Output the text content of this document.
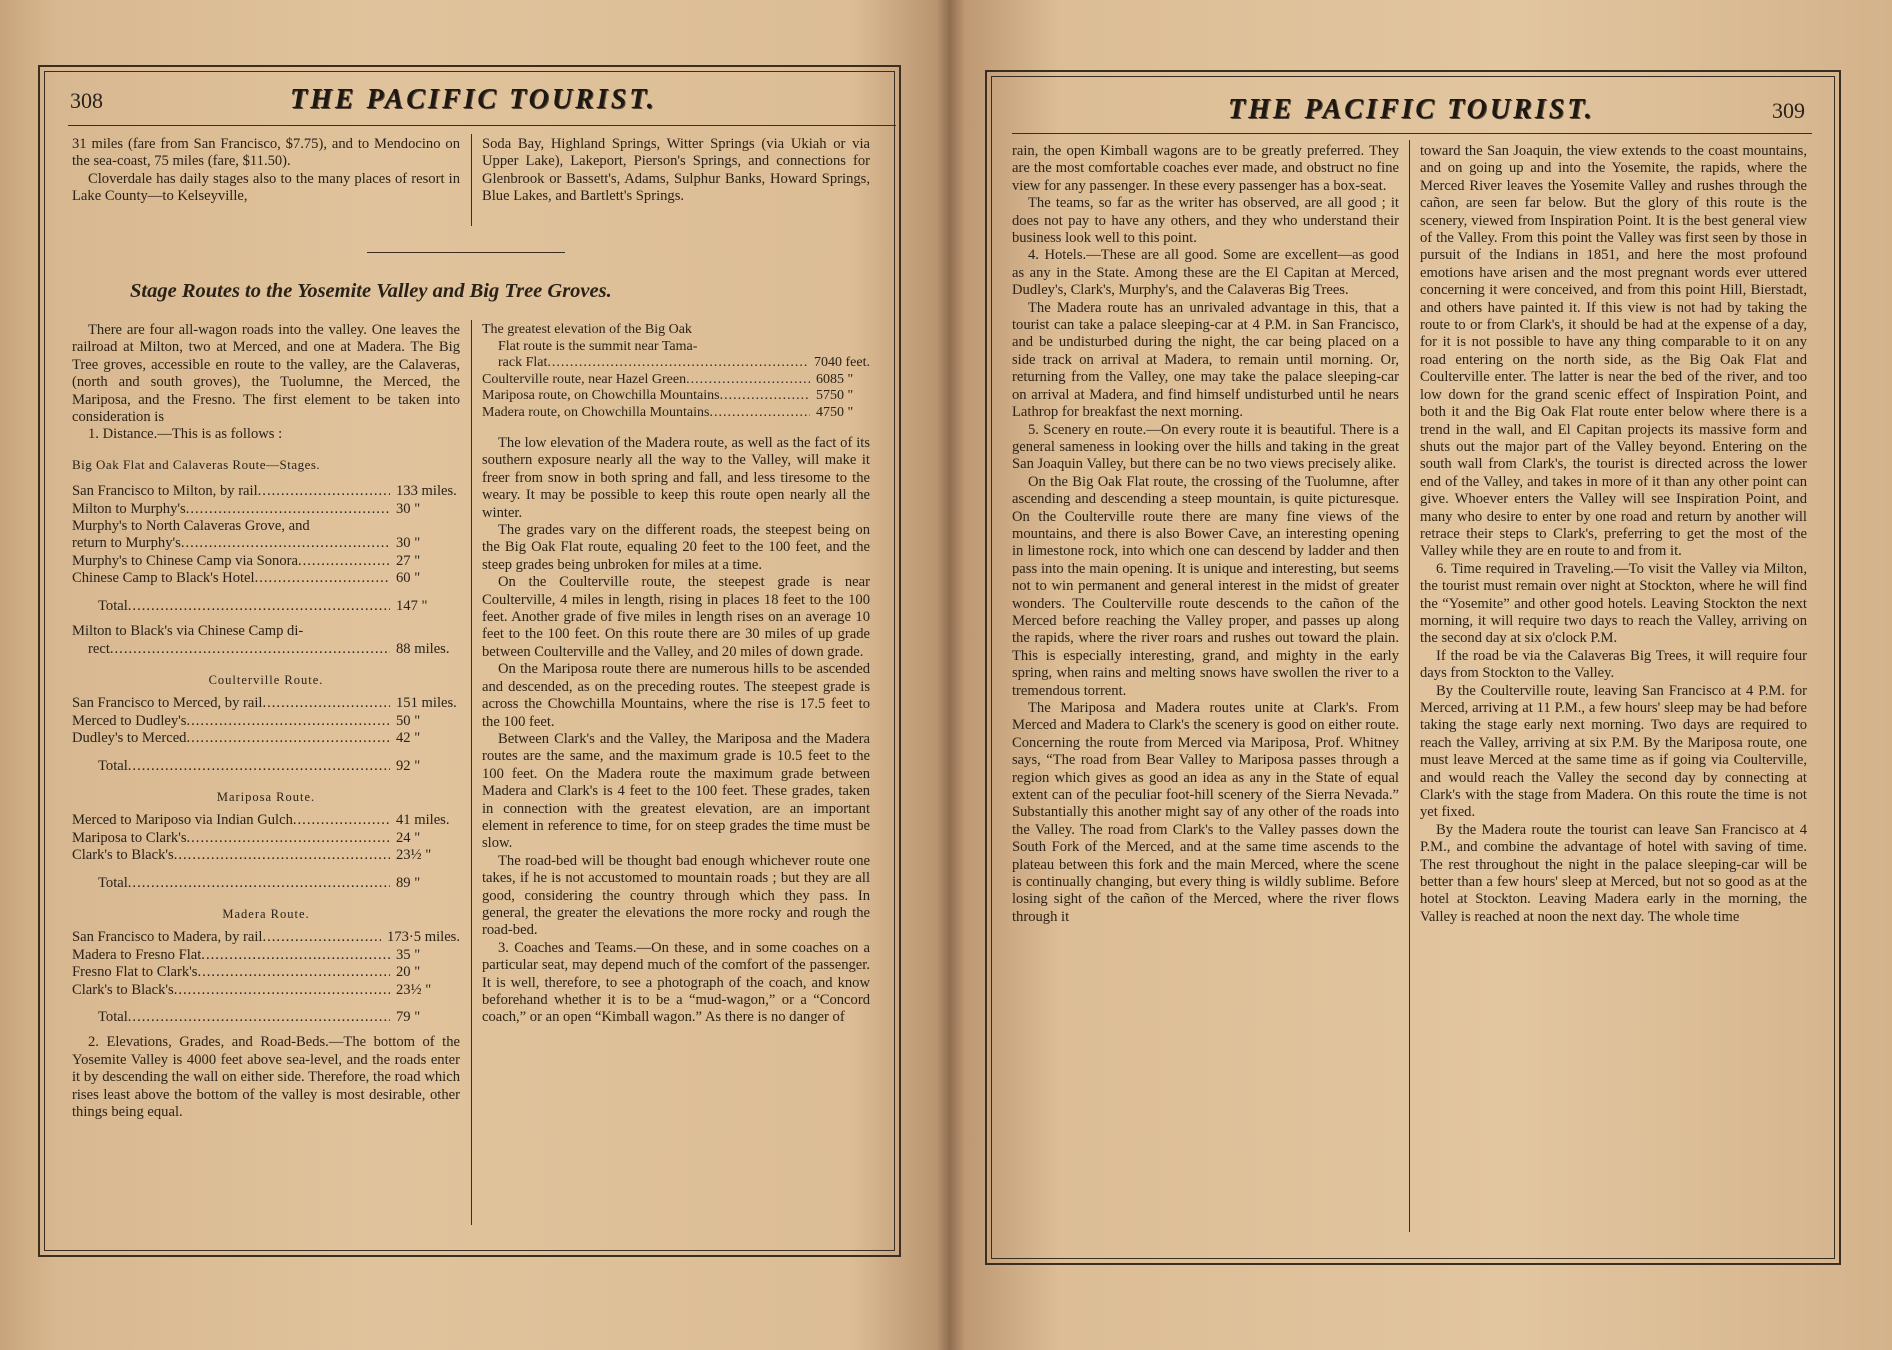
308	THE PACIFIC TOURIST.

31 miles (fare from San Francisco, $7.75), and to Mendocino on the sea-coast, 75 miles (fare, $11.50).

Cloverdale has daily stages also to the many places of resort in Lake County—to Kelseyville,

Soda Bay, Highland Springs, Witter Springs (via Ukiah or via Upper Lake), Lakeport, Pierson's Springs, and connections for Glenbrook or Bassett's, Adams, Sulphur Banks, Howard Springs, Blue Lakes, and Bartlett's Springs.

Stage Routes to the Yosemite Valley and Big Tree Groves.

There are four all-wagon roads into the valley. One leaves the railroad at Milton, two at Merced, and one at Madera. The Big Tree groves, accessible en route to the valley, are the Calaveras, (north and south groves), the Tuolumne, the Merced, the Mariposa, and the Fresno. The first element to be taken into consideration is

1. Distance.—This is as follows :

Big Oak Flat and Calaveras Route—Stages.
San Francisco to Milton, by rail .....	133 miles.
Milton to Murphy's .....	30 "
Murphy's to North Calaveras Grove, and
return to Murphy's .....	30 "
Murphy's to Chinese Camp via Sonora .....	27 "
Chinese Camp to Black's Hotel .....	60 "
Total .....	147 "

Milton to Black's via Chinese Camp di-

rect .....	88 miles.
Coulterville Route.
San Francisco to Merced, by rail .....	151 miles.
Merced to Dudley's .....	50 "
Dudley's to Merced .....	42 "
Total .....	92 "
Mariposa Route.
Merced to Mariposo via Indian Gulch .....	41 miles.
Mariposa to Clark's .....	24 "
Clark's to Black's .....	23½ "
Total .....	89 "
Madera Route.
San Francisco to Madera, by rail .....	173·5 miles.
Madera to Fresno Flat .....	35 "
Fresno Flat to Clark's .....	20 "
Clark's to Black's .....	23½ "
Total .....	79 "

2. Elevations, Grades, and Road-Beds.—The bottom of the Yosemite Valley is 4000 feet above sea-level, and the roads enter it by descending the wall on either side. Therefore, the road which rises least above the bottom of the valley is most desirable, other things being equal.

The greatest elevation of the Big Oak

Flat route is the summit near Tama-

rack Flat .....	7040 feet.
Coulterville route, near Hazel Green .....	6085 "
Mariposa route, on Chowchilla Mountains .....	5750 "
Madera route, on Chowchilla Mountains .....	4750 "

The low elevation of the Madera route, as well as the fact of its southern exposure nearly all the way to the Valley, will make it freer from snow in both spring and fall, and less tiresome to the weary. It may be possible to keep this route open nearly all the winter.

The grades vary on the different roads, the steepest being on the Big Oak Flat route, equaling 20 feet to the 100 feet, and the steep grades being unbroken for miles at a time.

On the Coulterville route, the steepest grade is near Coulterville, 4 miles in length, rising in places 18 feet to the 100 feet. Another grade of five miles in length rises on an average 10 feet to the 100 feet. On this route there are 30 miles of up grade between Coulterville and the Valley, and 20 miles of down grade.

On the Mariposa route there are numerous hills to be ascended and descended, as on the preceding routes. The steepest grade is across the Chowchilla Mountains, where the rise is 17.5 feet to the 100 feet.

Between Clark's and the Valley, the Mariposa and the Madera routes are the same, and the maximum grade is 10.5 feet to the 100 feet. On the Madera route the maximum grade between Madera and Clark's is 4 feet to the 100 feet. These grades, taken in connection with the greatest elevation, are an important element in reference to time, for on steep grades the time must be slow.

The road-bed will be thought bad enough whichever route one takes, if he is not accustomed to mountain roads ; but they are all good, considering the country through which they pass. In general, the greater the elevations the more rocky and rough the road-bed.

3. Coaches and Teams.—On these, and in some coaches on a particular seat, may depend much of the comfort of the passenger. It is well, therefore, to see a photograph of the coach, and know beforehand whether it is to be a “mud-wagon,” or a “Concord coach,” or an open “Kimball wagon.” As there is no danger of

THE PACIFIC TOURIST.	309

rain, the open Kimball wagons are to be greatly preferred. They are the most comfortable coaches ever made, and obstruct no fine view for any passenger. In these every passenger has a box-seat.

The teams, so far as the writer has observed, are all good ; it does not pay to have any others, and they who understand their business look well to this point.

4. Hotels.—These are all good. Some are excellent—as good as any in the State. Among these are the El Capitan at Merced, Dudley's, Clark's, Murphy's, and the Calaveras Big Trees.

The Madera route has an unrivaled advantage in this, that a tourist can take a palace sleeping-car at 4 P.M. in San Francisco, and be undisturbed during the night, the car being placed on a side track on arrival at Madera, to remain until morning. Or, returning from the Valley, one may take the palace sleeping-car on arrival at Madera, and find himself undisturbed until he nears Lathrop for breakfast the next morning.

5. Scenery en route.—On every route it is beautiful. There is a general sameness in looking over the hills and taking in the great San Joaquin Valley, but there can be no two views precisely alike.

On the Big Oak Flat route, the crossing of the Tuolumne, after ascending and descending a steep mountain, is quite picturesque. On the Coulterville route there are many fine views of the mountains, and there is also Bower Cave, an interesting opening in limestone rock, into which one can descend by ladder and then pass into the main opening. It is unique and interesting, but seems not to win permanent and general interest in the midst of greater wonders. The Coulterville route descends to the cañon of the Merced before reaching the Valley proper, and passes up along the rapids, where the river roars and rushes out toward the plain. This is especially interesting, grand, and mighty in the early spring, when rains and melting snows have swollen the river to a tremendous torrent.

The Mariposa and Madera routes unite at Clark's. From Merced and Madera to Clark's the scenery is good on either route. Concerning the route from Merced via Mariposa, Prof. Whitney says, “The road from Bear Valley to Mariposa passes through a region which gives as good an idea as any in the State of equal extent can of the peculiar foot-hill scenery of the Sierra Nevada.” Substantially this another might say of any other of the roads into the Valley. The road from Clark's to the Valley passes down the South Fork of the Merced, and at the same time ascends to the plateau between this fork and the main Merced, where the scene is continually changing, but every thing is wildly sublime. Before losing sight of the cañon of the Merced, where the river flows through it

toward the San Joaquin, the view extends to the coast mountains, and on going up and into the Yosemite, the rapids, where the Merced River leaves the Yosemite Valley and rushes through the cañon, are seen far below. But the glory of this route is the scenery, viewed from Inspiration Point. It is the best general view of the Valley. From this point the Valley was first seen by those in pursuit of the Indians in 1851, and here the most profound emotions have arisen and the most pregnant words ever uttered concerning it were conceived, and from this point Hill, Bierstadt, and others have painted it. If this view is not had by taking the route to or from Clark's, it should be had at the expense of a day, for it is not possible to have any thing comparable to it on any road entering on the north side, as the Big Oak Flat and Coulterville enter. The latter is near the bed of the river, and too low down for the grand scenic effect of Inspiration Point, and both it and the Big Oak Flat route enter below where there is a trend in the wall, and El Capitan projects its massive form and shuts out the major part of the Valley beyond. Entering on the south wall from Clark's, the tourist is directed across the lower end of the Valley, and takes in more of it than any other point can give. Whoever enters the Valley will see Inspiration Point, and many who desire to enter by one road and return by another will retrace their steps to Clark's, preferring to get the most of the Valley while they are en route to and from it.

6. Time required in Traveling.—To visit the Valley via Milton, the tourist must remain over night at Stockton, where he will find the “Yosemite” and other good hotels. Leaving Stockton the next morning, it will require two days to reach the Valley, arriving on the second day at six o'clock P.M.

If the road be via the Calaveras Big Trees, it will require four days from Stockton to the Valley.

By the Coulterville route, leaving San Francisco at 4 P.M. for Merced, arriving at 11 P.M., a few hours' sleep may be had before taking the stage early next morning. Two days are required to reach the Valley, arriving at six P.M. By the Mariposa route, one must leave Merced at the same time as if going via Coulterville, and would reach the Valley the second day by connecting at Clark's with the stage from Madera. On this route the time is not yet fixed.

By the Madera route the tourist can leave San Francisco at 4 P.M., and combine the advantage of hotel with saving of time. The rest throughout the night in the palace sleeping-car will be better than a few hours' sleep at Merced, but not so good as at the hotel at Stockton. Leaving Madera early in the morning, the Valley is reached at noon the next day. The whole time
